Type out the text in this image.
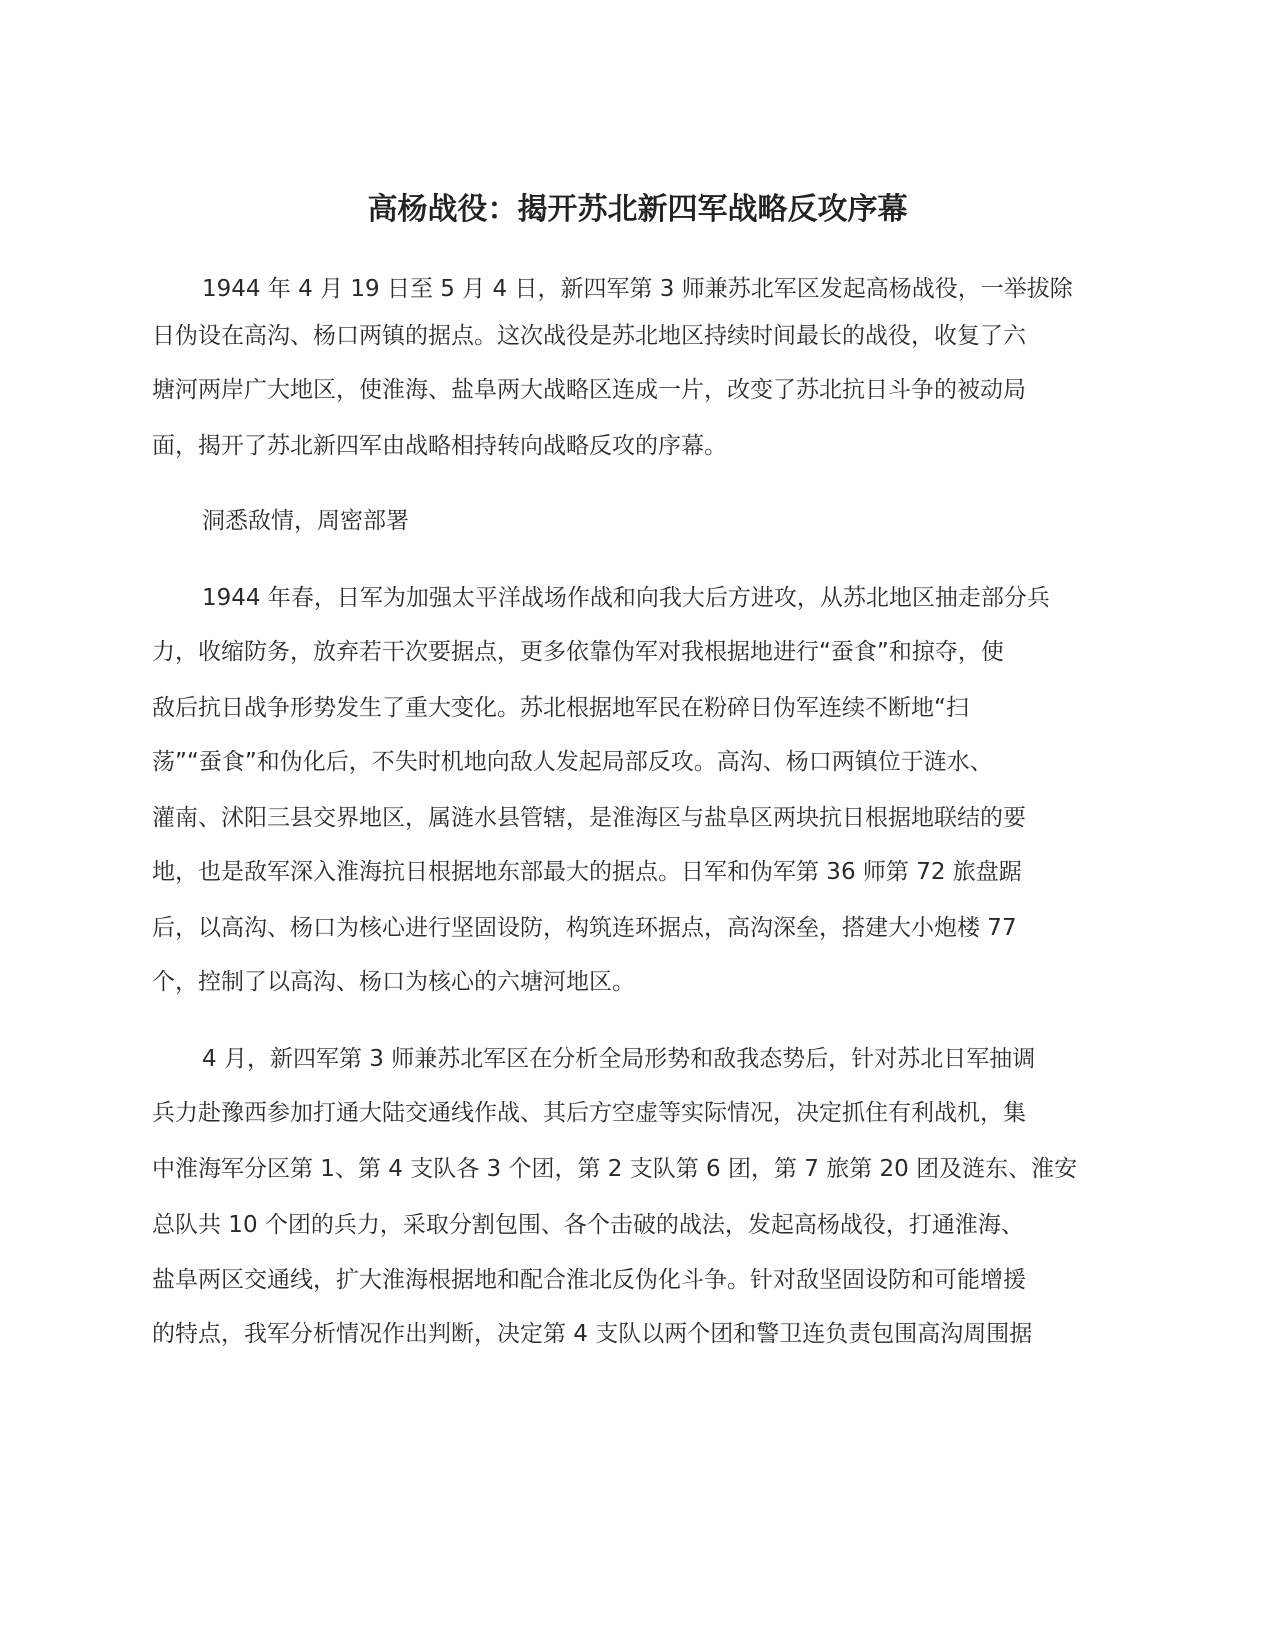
高杨战役：揭开苏北新四军战略反攻序幕
1944 年 4 月 19 日至 5 月 4 日，新四军第 3 师兼苏北军区发起高杨战役，一举拔除
日伪设在高沟、杨口两镇的据点。这次战役是苏北地区持续时间最长的战役，收复了六
塘河两岸广大地区，使淮海、盐阜两大战略区连成一片，改变了苏北抗日斗争的被动局
面，揭开了苏北新四军由战略相持转向战略反攻的序幕。
洞悉敌情，周密部署
1944 年春，日军为加强太平洋战场作战和向我大后方进攻，从苏北地区抽走部分兵
力，收缩防务，放弃若干次要据点，更多依靠伪军对我根据地进行“蚕食”和掠夺，使
敌后抗日战争形势发生了重大变化。苏北根据地军民在粉碎日伪军连续不断地“扫
荡”“蚕食”和伪化后，不失时机地向敌人发起局部反攻。高沟、杨口两镇位于涟水、
灌南、沭阳三县交界地区，属涟水县管辖，是淮海区与盐阜区两块抗日根据地联结的要
地，也是敌军深入淮海抗日根据地东部最大的据点。日军和伪军第 36 师第 72 旅盘踞
后，以高沟、杨口为核心进行坚固设防，构筑连环据点，高沟深垒，搭建大小炮楼 77
个，控制了以高沟、杨口为核心的六塘河地区。
4 月，新四军第 3 师兼苏北军区在分析全局形势和敌我态势后，针对苏北日军抽调
兵力赴豫西参加打通大陆交通线作战、其后方空虚等实际情况，决定抓住有利战机，集
中淮海军分区第 1、第 4 支队各 3 个团，第 2 支队第 6 团，第 7 旅第 20 团及涟东、淮安
总队共 10 个团的兵力，采取分割包围、各个击破的战法，发起高杨战役，打通淮海、
盐阜两区交通线，扩大淮海根据地和配合淮北反伪化斗争。针对敌坚固设防和可能增援
的特点，我军分析情况作出判断，决定第 4 支队以两个团和警卫连负责包围高沟周围据
